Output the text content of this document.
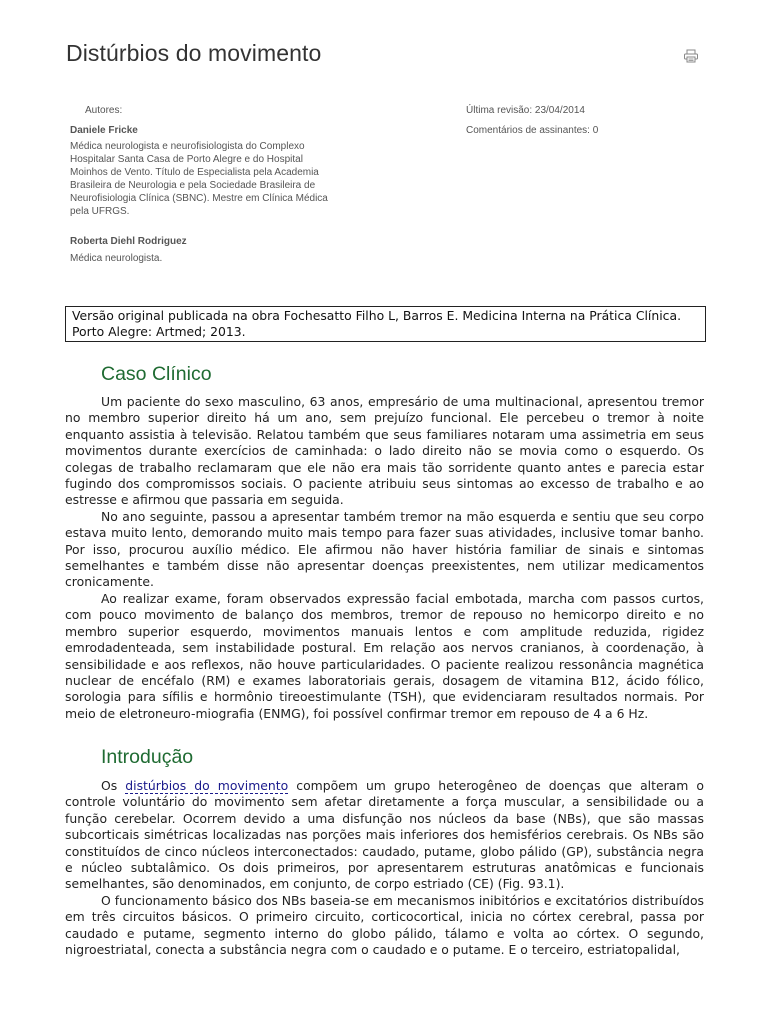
Distúrbios do movimento
Autores:
Daniele Fricke
Médica neurologista e neurofisiologista do Complexo Hospitalar Santa Casa de Porto Alegre e do Hospital Moinhos de Vento. Título de Especialista pela Academia Brasileira de Neurologia e pela Sociedade Brasileira de Neurofisiologia Clínica (SBNC). Mestre em Clínica Médica pela UFRGS.
Roberta Diehl Rodriguez
Médica neurologista.
Última revisão: 23/04/2014
Comentários de assinantes: 0
Versão original publicada na obra Fochesatto Filho L, Barros E. Medicina Interna na Prática Clínica. Porto Alegre: Artmed; 2013.
Caso Clínico

Um paciente do sexo masculino, 63 anos, empresário de uma multinacional, apresentou tremor no membro superior direito há um ano, sem prejuízo funcional. Ele percebeu o tremor à noite enquanto assistia à televisão. Relatou também que seus familiares notaram uma assimetria em seus movimentos durante exercícios de caminhada: o lado direito não se movia como o esquerdo. Os colegas de trabalho reclamaram que ele não era mais tão sorridente quanto antes e parecia estar fugindo dos compromissos sociais. O paciente atribuiu seus sintomas ao excesso de trabalho e ao estresse e afirmou que passaria em seguida.

No ano seguinte, passou a apresentar também tremor na mão esquerda e sentiu que seu corpo estava muito lento, demorando muito mais tempo para fazer suas atividades, inclusive tomar banho. Por isso, procurou auxílio médico. Ele afirmou não haver história familiar de sinais e sintomas semelhantes e também disse não apresentar doenças preexistentes, nem utilizar medicamentos cronicamente.

Ao realizar exame, foram observados expressão facial embotada, marcha com passos curtos, com pouco movimento de balanço dos membros, tremor de repouso no hemicorpo direito e no membro superior esquerdo, movimentos manuais lentos e com amplitude reduzida, rigidez emrodadenteada, sem instabilidade postural. Em relação aos nervos cranianos, à coordenação, à sensibilidade e aos reflexos, não houve particularidades. O paciente realizou ressonância magnética nuclear de encéfalo (RM) e exames laboratoriais gerais, dosagem de vitamina B12, ácido fólico, sorologia para sífilis e hormônio tireoestimulante (TSH), que evidenciaram resultados normais. Por meio de eletroneuro-miografia (ENMG), foi possível confirmar tremor em repouso de 4 a 6 Hz.

Introdução

Os distúrbios do movimento compõem um grupo heterogêneo de doenças que alteram o controle voluntário do movimento sem afetar diretamente a força muscular, a sensibilidade ou a função cerebelar. Ocorrem devido a uma disfunção nos núcleos da base (NBs), que são massas subcorticais simétricas localizadas nas porções mais inferiores dos hemisférios cerebrais. Os NBs são constituídos de cinco núcleos interconectados: caudado, putame, globo pálido (GP), substância negra e núcleo subtalâmico. Os dois primeiros, por apresentarem estruturas anatômicas e funcionais semelhantes, são denominados, em conjunto, de corpo estriado (CE) (Fig. 93.1).

O funcionamento básico dos NBs baseia-se em mecanismos inibitórios e excitatórios distribuídos em três circuitos básicos. O primeiro circuito, corticocortical, inicia no córtex cerebral, passa por caudado e putame, segmento interno do globo pálido, tálamo e volta ao córtex. O segundo, nigroestriatal, conecta a substância negra com o caudado e o putame. E o terceiro, estriatopalidal,
